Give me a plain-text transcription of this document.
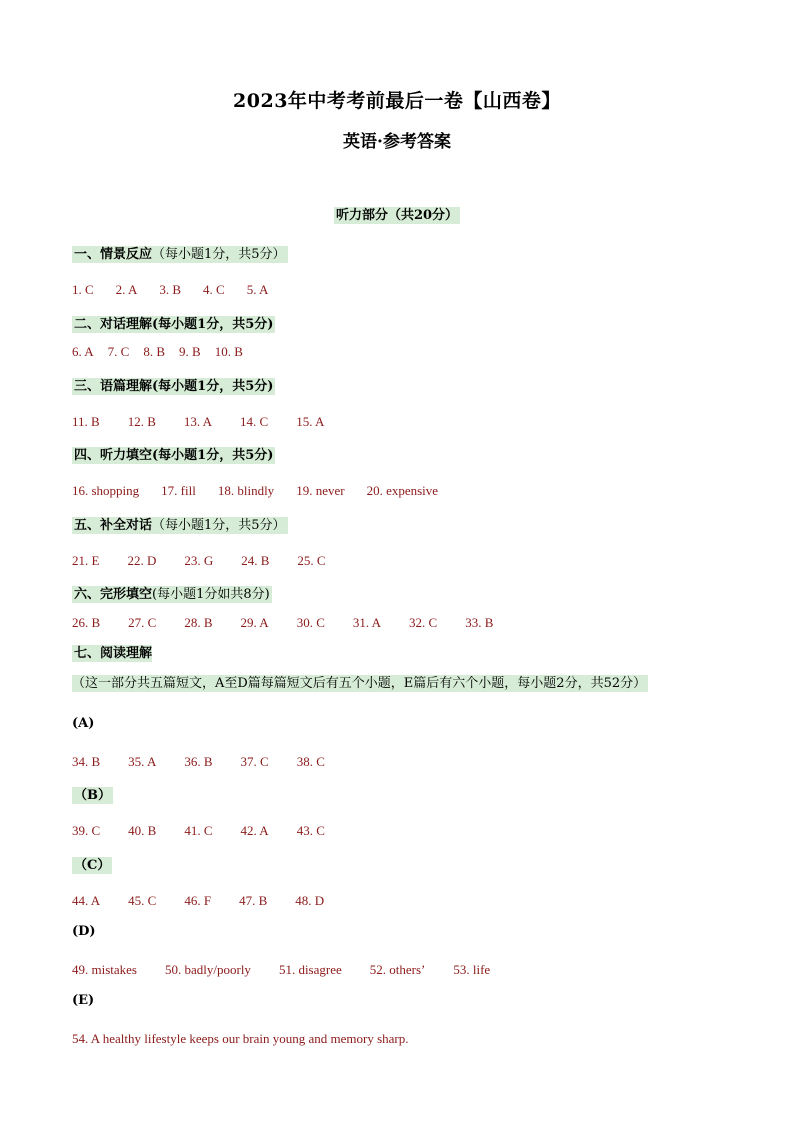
2023年中考考前最后一卷【山西卷】
英语·参考答案
听力部分（共20分）
一、情景反应（每小题1分，共5分）
1. C 2. A 3. B 4. C 5. A
二、对话理解(每小题1分，共5分)
6. A 7. C 8. B 9. B 10. B
三、语篇理解(每小题1分，共5分)
11. B 12. B 13. A 14. C 15. A
四、听力填空(每小题1分，共5分)
16. shopping 17. fill 18. blindly 19. never 20. expensive
五、补全对话（每小题1分，共5分）
21. E 22. D 23. G 24. B 25. C
六、完形填空(每小题1分如共8分)
26. B 27. C 28. B 29. A 30. C 31. A 32. C 33. B
七、阅读理解（这一部分共五篇短文，A至D篇每篇短文后有五个小题，E篇后有六个小题，每小题2分，共52分）
(A)
34. B 35. A 36. B 37. C 38. C
（B）
39. C 40. B 41. C 42. A 43. C
（C）
44. A 45. C 46. F 47. B 48. D
(D)
49. mistakes 50. badly/poorly 51. disagree 52. others’ 53. life
(E)
54. A healthy lifestyle keeps our brain young and memory sharp.
